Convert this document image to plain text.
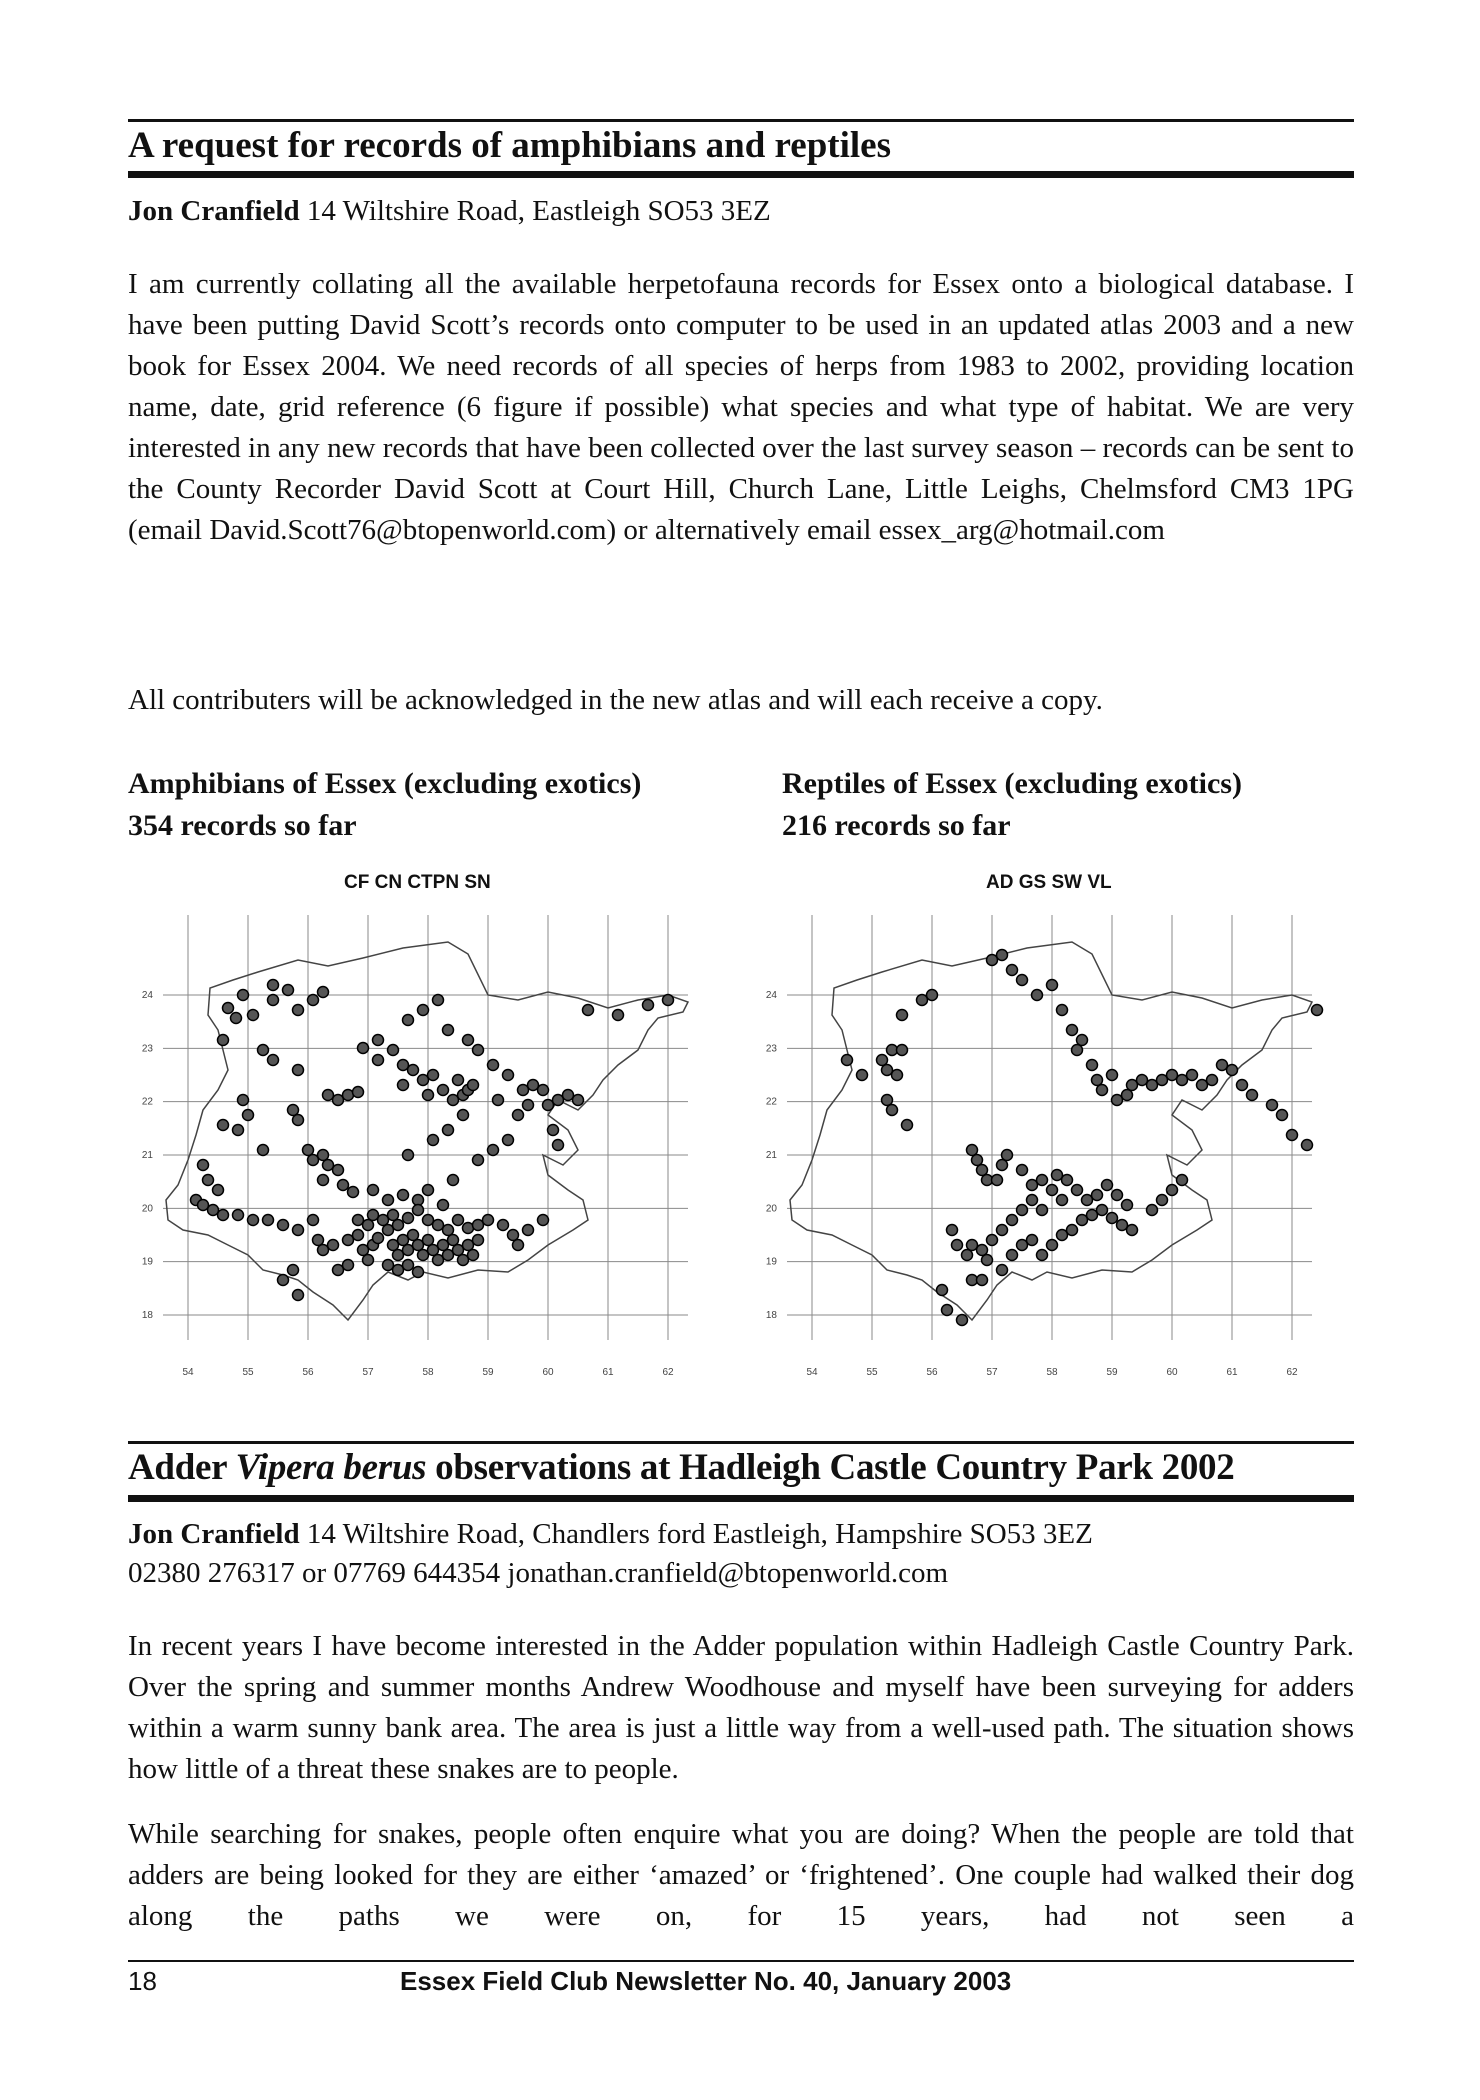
A request for records of amphibians and reptiles
Jon Cranfield 14 Wiltshire Road, Eastleigh SO53 3EZ
I am currently collating all the available herpetofauna records for Essex onto a biological database. I have been putting David Scott’s records onto computer to be used in an updated atlas 2003 and a new book for Essex 2004. We need records of all species of herps from 1983 to 2002, providing location name, date, grid reference (6 figure if possible) what species and what type of habitat. We are very interested in any new records that have been collected over the last survey season – records can be sent to the County Recorder David Scott at Court Hill, Church Lane, Little Leighs, Chelmsford CM3 1PG (email David.Scott76@btopenworld.com) or alternatively email essex_arg@hotmail.com
All contributers will be acknowledged in the new atlas and will each receive a copy.
Amphibians of Essex (excluding exotics)
354 records so far
Reptiles of Essex (excluding exotics)
216 records so far
CF CN CTPN SN	AD GS SW VL
54	55	56	57	58	59	60	61	62
24
23
22
21
20
19
18
54	55	56	57	58	59	60	61	62
24
23
22
21
20
19
18
Adder Vipera berus observations at Hadleigh Castle Country Park 2002
Jon Cranfield 14 Wiltshire Road, Chandlers ford Eastleigh, Hampshire SO53 3EZ
02380 276317 or 07769 644354 jonathan.cranfield@btopenworld.com
In recent years I have become interested in the Adder population within Hadleigh Castle Country Park. Over the spring and summer months Andrew Woodhouse and myself have been surveying for adders within a warm sunny bank area. The area is just a little way from a well-used path. The situation shows how little of a threat these snakes are to people.
While searching for snakes, people often enquire what you are doing? When the people are told that adders are being looked for they are either ‘amazed’ or ‘frightened’. One couple had walked their dog along the paths we were on, for 15 years, had not seen a
18	Essex Field Club Newsletter No. 40, January 2003
